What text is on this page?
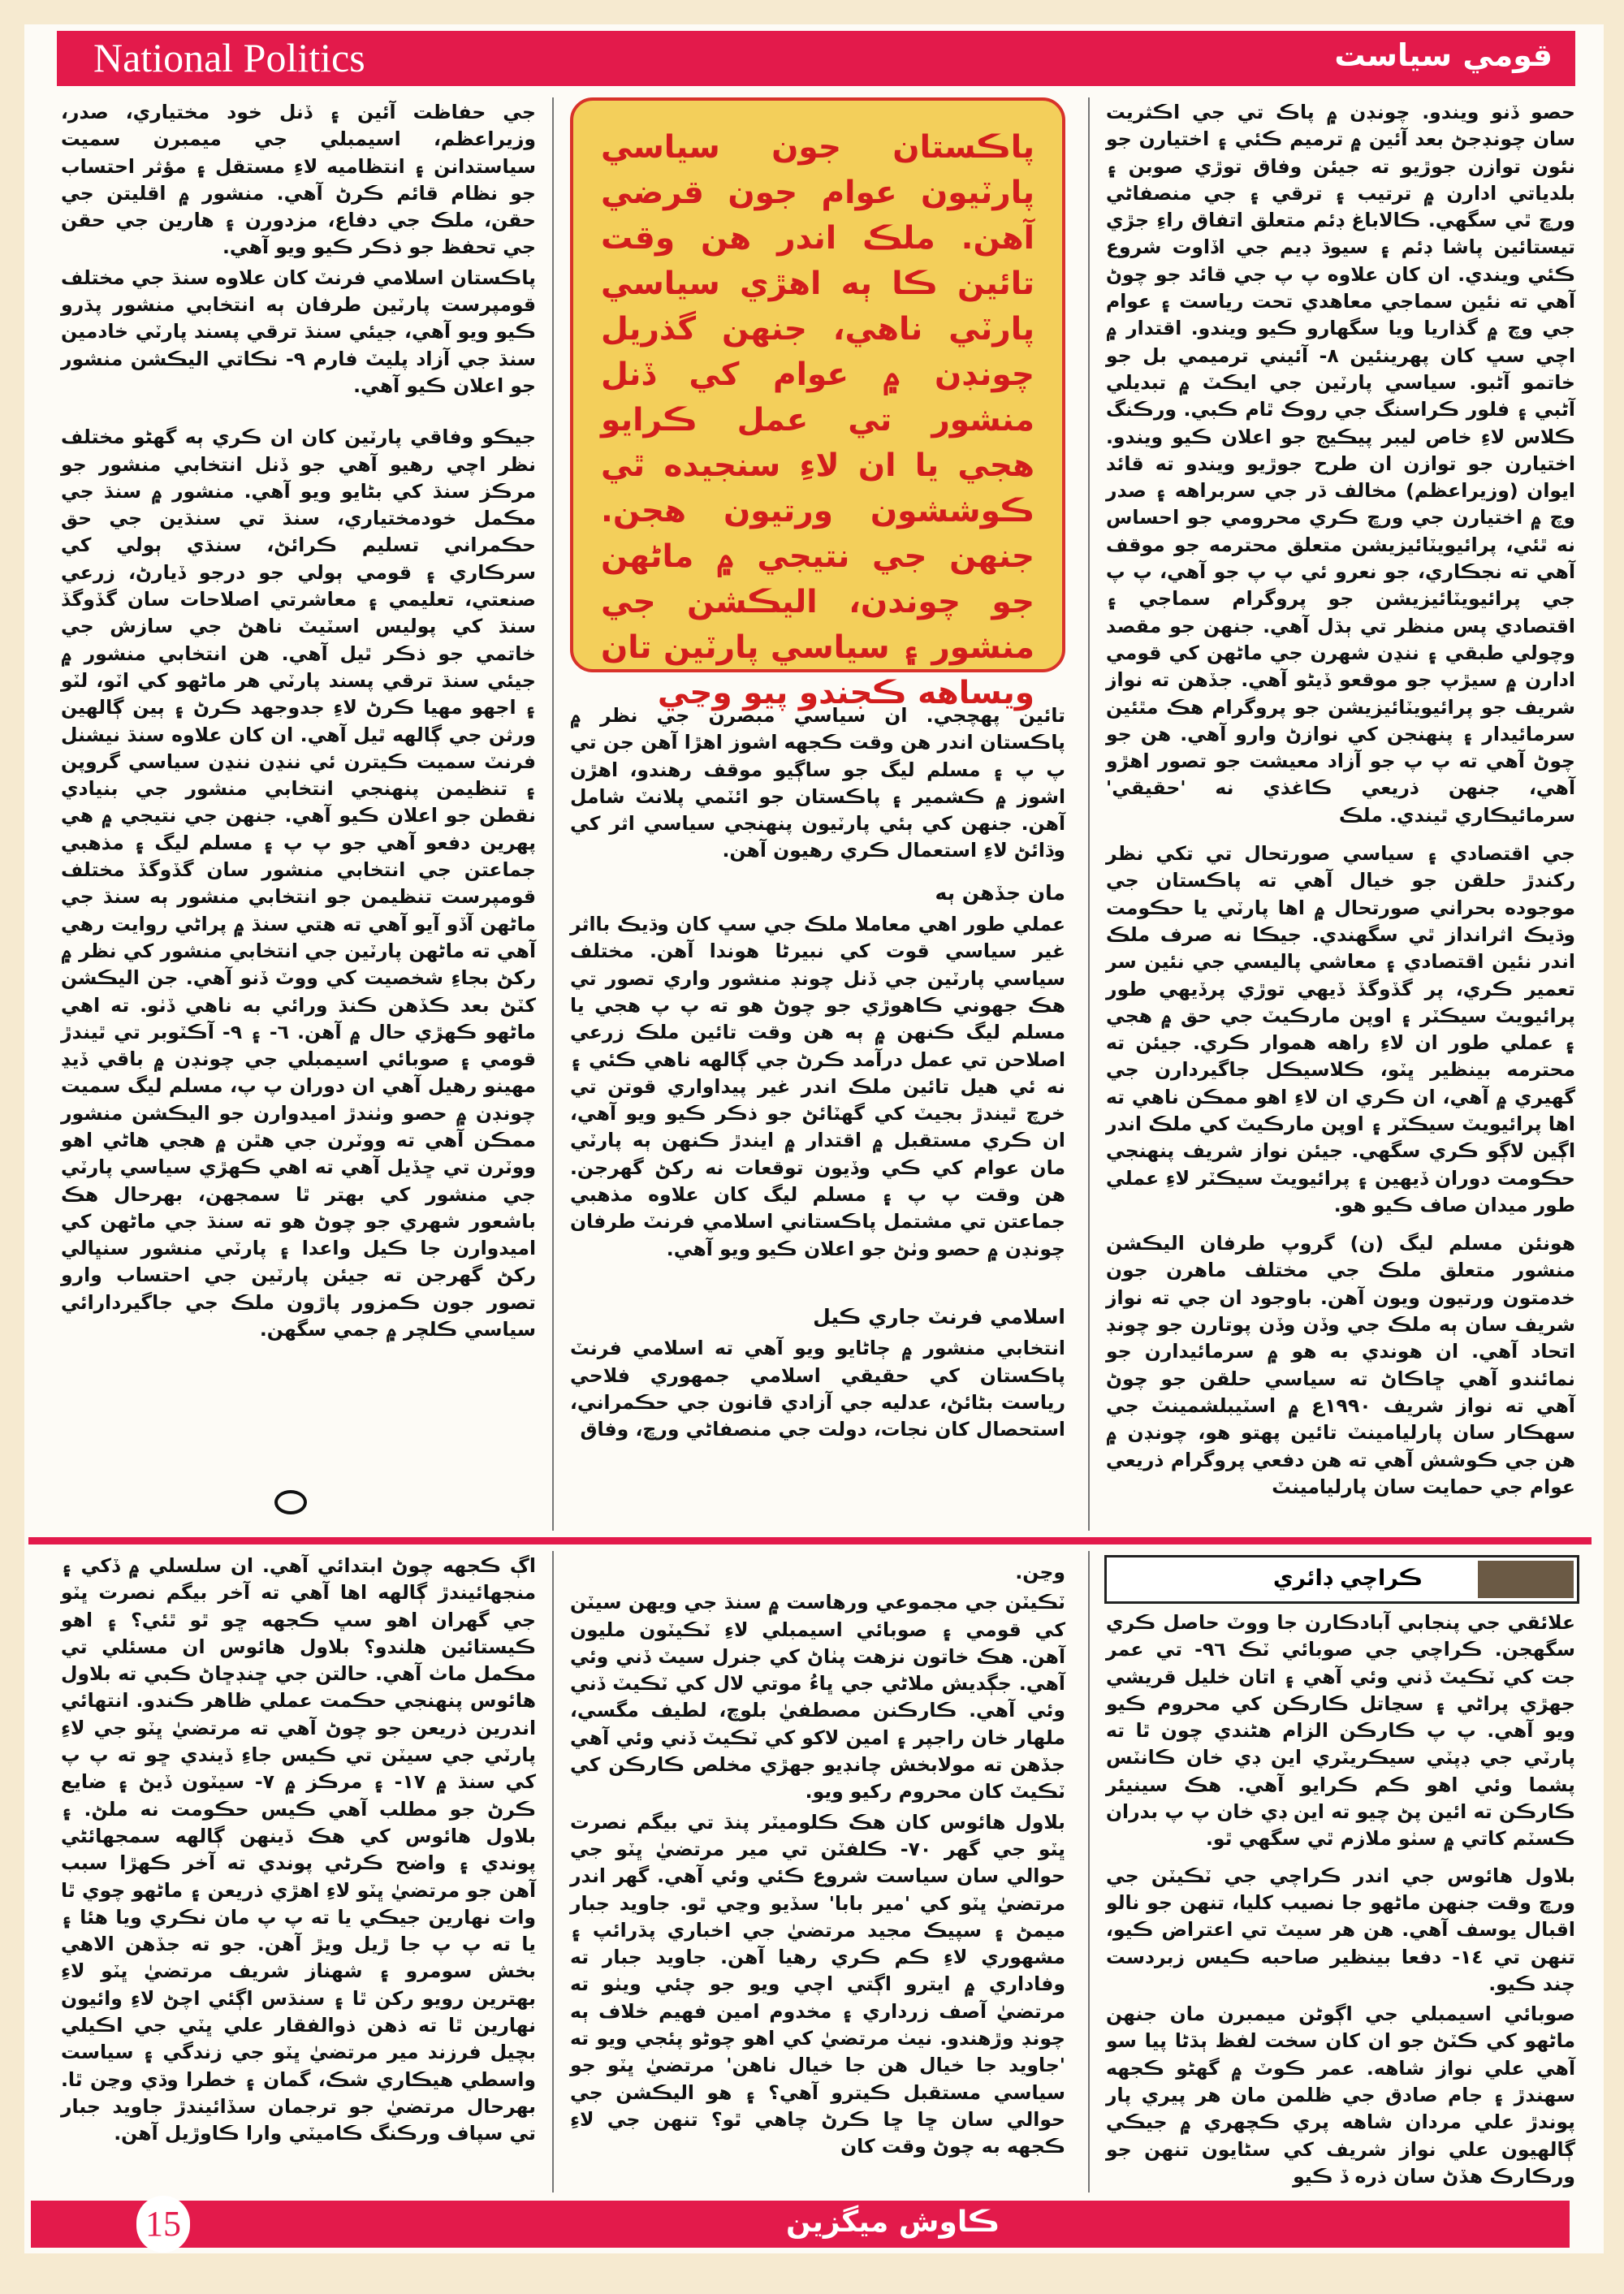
National Politics	قومي سياست

حصو ڏنو ويندو. چونڊن ۾ پاڪ تي جي اڪثريت سان چونڊجڻ بعد آئين ۾ ترميم ڪئي ۽ اختيارن جو نئون توازن جوڙيو ته جيئن وفاق توڙي صوبن ۽ بلدياتي ادارن ۾ ترتيب ۽ ترقي ۽ جي منصفاڻي ورڇ ٿي سگهي. ڪالاباغ ڊئم متعلق اتفاق راءِ جڙي تيستائين پاشا ڊئم ۽ سيوڌ ڊيم جي اڏاوت شروع ڪئي ويندي. ان کان علاوه پ پ جي قائد جو چوڻ آهي ته نئين سماجي معاهدي تحت رياست ۽ عوام جي وچ ۾ گذاريا ويا سگهارو ڪيو ويندو. اقتدار ۾ اچي سڀ کان پهرينئين ٨- آئيني ترميمي بل جو خاتمو آڻبو. سياسي پارٽين جي ايڪٽ ۾ تبديلي آڻبي ۽ فلور ڪراسنگ جي روڪ ٿام ڪبي. ورڪنگ ڪلاس لاءِ خاص ليبر پيڪيج جو اعلان ڪيو ويندو. اختيارن جو توازن ان طرح جوڙيو ويندو ته قائد ايوان (وزيراعظم) مخالف ڌر جي سربراهه ۽ صدر وچ ۾ اختيارن جي ورڇ ڪري محرومي جو احساس نه ٿئي، پرائيويٽائيزيشن متعلق محترمه جو موقف آهي ته نجڪاري، جو نعرو ئي پ پ جو آهي، پ پ جي پرائيويٽائيزيشن جو پروگرام سماجي ۽ اقتصادي پس منظر تي ٻڌل آهي. جنهن جو مقصد وچولي طبقي ۽ ننڍن شهرن جي ماڻهن کي قومي ادارن ۾ سيڙپ جو موقعو ڏيڻو آهي. جڏهن ته نواز شريف جو پرائيويٽائيزيشن جو پروگرام هڪ مٿئين سرمائيدار ۽ پنهنجن کي نوازڻ وارو آهي. هن جو چوڻ آهي ته پ پ جو آزاد معيشت جو تصور اهڙو آهي، جنهن ذريعي ڪاغذي نه 'حقيقي' سرمائيڪاري ٿيندي. ملڪ

جي اقتصادي ۽ سياسي صورتحال تي تکي نظر رکندڙ حلقن جو خيال آهي ته پاڪستان جي موجوده بحراني صورتحال ۾ اها پارٽي يا حڪومت وڌيڪ اثرانداز ٿي سگهندي. جيڪا نه صرف ملڪ اندر نئين اقتصادي ۽ معاشي پاليسي جي نئين سر تعمير ڪري، پر گڏوگڏ ڏيهي توڙي پرڏيهي طور پرائيويٽ سيڪٽر ۽ اوپن مارڪيٽ جي حق ۾ هجي ۽ عملي طور ان لاءِ راهه هموار ڪري. جيئن ته محترمه بينظير ڀٽو، ڪلاسيڪل جاگيردارن جي گهيري ۾ آهي، ان ڪري ان لاءِ اهو ممڪن ناهي ته اها پرائيويٽ سيڪٽر ۽ اوپن مارڪيٽ کي ملڪ اندر اڳين لاڳو ڪري سگهي. جيئن نواز شريف پنهنجي حڪومت دوران ڏيهين ۽ پرائيويٽ سيڪٽر لاءِ عملي طور ميدان صاف ڪيو هو.

هونئن مسلم ليگ (ن) گروپ طرفان اليڪشن منشور متعلق ملڪ جي مختلف ماهرن جون خدمتون ورتيون ويون آهن. باوجود ان جي ته نواز شريف سان ٻه ملڪ جي وڏن وڏن پوتارن جو چونڊ اتحاد آهي. ان هوندي به هو ۾ سرمائيدارن جو نمائندو آهي ڇاڪاڻ ته سياسي حلقن جو چوڻ آهي ته نواز شريف ١٩٩٠ع ۾ اسٽيبلشمينٽ جي سهڪار سان پارليامينٽ تائين پهتو هو، چونڊن ۾ هن جي ڪوشش آهي ته هن دفعي پروگرام ذريعي عوام جي حمايت سان پارليامينٽ

پاڪستان جون سياسي پارٽيون عوام جون قرضي آهن. ملڪ اندر هن وقت تائين ڪا ٻه اهڙي سياسي پارٽي ناهي، جنهن گذريل چونڊن ۾ عوام کي ڏنل منشور تي عمل ڪرايو هجي يا ان لاءِ سنجيده ٿي ڪوششون ورتيون هجن. جنهن جي نتيجي ۾ ماڻهن جو چوندن، اليڪشن جي منشور ۽ سياسي پارٽين تان ويساهه ڪجندو پيو وڃي

تائين پهچجي. ان سياسي مبصرن جي نظر ۾ پاڪستان اندر هن وقت ڪجهه اشوز اهڙا آهن جن تي پ پ ۽ مسلم ليگ جو ساڳيو موقف رهندو، اهڙن اشوز ۾ ڪشمير ۽ پاڪستان جو ائٽمي پلانٽ شامل آهن. جنهن کي ٻئي پارٽيون پنهنجي سياسي اثر کي وڌائڻ لاءِ استعمال ڪري رهيون آهن.

مان جڏهن ٻه

عملي طور اهي معاملا ملڪ جي سڀ کان وڌيڪ بااثر غير سياسي قوت کي نبيرڻا هوندا آهن. مختلف سياسي پارٽين جي ڏنل چونڊ منشور واري تصور تي هڪ جهوني ڪاهوڙي جو چوڻ هو ته پ پ هجي يا مسلم ليگ ڪنهن ۾ ٻه هن وقت تائين ملڪ زرعي اصلاحن تي عمل درآمد ڪرڻ جي ڳالهه ناهي ڪئي ۽ نه ئي هيل تائين ملڪ اندر غير پيداواري قوتن تي خرچ ٿيندڙ بجيٽ کي گهٽائڻ جو ذڪر ڪيو ويو آهي، ان ڪري مستقبل ۾ اقتدار ۾ ايندڙ ڪنهن ٻه پارٽي مان عوام کي ڪي وڏيون توقعات نه رکڻ گهرجن. هن وقت پ پ ۽ مسلم ليگ کان علاوه مذهبي جماعتن تي مشتمل پاڪستاني اسلامي فرنٽ طرفان چونڊن ۾ حصو وٺڻ جو اعلان ڪيو ويو آهي.

اسلامي فرنٽ جاري ڪيل

انتخابي منشور ۾ ڄاڻايو ويو آهي ته اسلامي فرنٽ پاڪستان کي حقيقي اسلامي جمهوري فلاحي رياست بڻائڻ، عدليه جي آزادي قانون جي حڪمراني، استحصال کان نجات، دولت جي منصفاڻي ورڇ، وفاق

جي حفاظت آئين ۽ ڏنل خود مختياري، صدر، وزيراعظم، اسيمبلي جي ميمبرن سميت سياستدانن ۽ انتظاميه لاءِ مستقل ۽ مؤثر احتساب جو نظام قائم ڪرڻ آهي. منشور ۾ اقليتن جي حقن، ملڪ جي دفاع، مزدورن ۽ هارين جي حقن جي تحفظ جو ذڪر ڪيو ويو آهي.

پاڪستان اسلامي فرنٽ کان علاوه سنڌ جي مختلف قومپرست پارٽين طرفان ٻه انتخابي منشور پڌرو ڪيو ويو آهي، جيئي سنڌ ترقي پسند پارٽي خادمين سنڌ جي آزاد پليٽ فارم ٩- نڪاتي اليڪشن منشور جو اعلان ڪيو آهي.

جيڪو وفاقي پارٽين کان ان ڪري ٻه گهڻو مختلف نظر اچي رهيو آهي جو ڏنل انتخابي منشور جو مرڪز سنڌ کي بڻايو ويو آهي. منشور ۾ سنڌ جي مڪمل خودمختياري، سنڌ تي سنڌين جي حق حڪمراني تسليم ڪرائڻ، سنڌي ٻولي کي سرڪاري ۽ قومي ٻولي جو درجو ڏيارڻ، زرعي صنعتي، تعليمي ۽ معاشرتي اصلاحات سان گڏوگڏ سنڌ کي پوليس اسٽيٽ ناهڻ جي سازش جي خاتمي جو ذڪر ٿيل آهي. هن انتخابي منشور ۾ جيئي سنڌ ترقي پسند پارٽي هر ماڻهو کي اٽو، لٽو ۽ اجهو مهيا ڪرڻ لاءِ جدوجهد ڪرڻ ۽ ٻين ڳالهين ورثن جي ڳالهه ٿيل آهي. ان کان علاوه سنڌ نيشنل فرنٽ سميت ڪيترن ئي ننڍن ننڍن سياسي گروپن ۽ تنظيمن پنهنجي انتخابي منشور جي بنيادي نقطن جو اعلان ڪيو آهي. جنهن جي نتيجي ۾ هي پهرين دفعو آهي جو پ پ ۽ مسلم ليگ ۽ مذهبي جماعتن جي انتخابي منشور سان گڏوگڏ مختلف قومپرست تنظيمن جو انتخابي منشور ٻه سنڌ جي ماڻهن آڏو آيو آهي ته هتي سنڌ ۾ پراڻي روايت رهي آهي ته ماڻهن پارٽين جي انتخابي منشور کي نظر ۾ رکڻ بجاءِ شخصيت کي ووٽ ڏنو آهي. جن اليڪشن کٽڻ بعد ڪڏهن ڪنڌ ورائي به ناهي ڏٺو. ته اهي ماڻهو ڪهڙي حال ۾ آهن. ٦- ۽ ٩- آڪٽوبر تي ٿيندڙ قومي ۽ صوبائي اسيمبلي جي چونڊن ۾ باقي ڏيڍ مهينو رهيل آهي ان دوران پ پ، مسلم ليگ سميت چونڊن ۾ حصو وٺندڙ اميدوارن جو اليڪشن منشور ممڪن آهي ته ووٽرن جي هٿن ۾ هجي هاڻي اهو ووٽرن تي ڇڏيل آهي ته اهي ڪهڙي سياسي پارٽي جي منشور کي بهتر ٿا سمجهن، بهرحال هڪ باشعور شهري جو چوڻ هو ته سنڌ جي ماڻهن کي اميدوارن جا ڪيل واعدا ۽ پارٽي منشور سنڀالي رکڻ گهرجن ته جيئن پارٽين جي احتساب وارو تصور جون ڪمزور پاڙون ملڪ جي جاگيردارائي سياسي ڪلچر ۾ جمي سگهن.

ڪراچي ڊائري

علائقي جي پنجابي آبادڪارن جا ووٽ حاصل ڪري سگهجن. ڪراچي جي صوبائي ٽڪ ٩٦- تي عمر جت کي ٽڪيٽ ڏني وئي آهي ۽ اتان خليل قريشي جهڙي پراڻي ۽ سڃاتل ڪارڪن کي محروم ڪيو ويو آهي. پ پ ڪارڪن الزام هڻندي چون ٿا ته پارٽي جي ڊپٽي سيڪريٽري اين ڊي خان ڪانٽس پشما وئي اهو ڪم ڪرايو آهي. هڪ سينيئر ڪارڪن ته ائين پڻ چيو ته اين ڊي خان پ پ بدران ڪسٽم کاتي ۾ سٺو ملازم ٿي سگهي ٿو.

بلاول هائوس جي اندر ڪراچي جي ٽڪيٽن جي ورڇ وقت جنهن ماڻهو جا نصيب کليا، تنهن جو نالو اقبال يوسف آهي. هن هر سيٽ تي اعتراض ڪيو، تنهن تي ١٤- دفعا بينظير صاحبه ڪيس زبردست چند ڪيو.

صوبائي اسيمبلي جي اڳوڻن ميمبرن مان جنهن ماڻهو کي ڪٽڻ جو ان کان سخت لفظ ٻڌڻا پيا سو آهي علي نواز شاهه. عمر ڪوٽ ۾ گهڻو ڪجهه سهندڙ ۽ جام صادق جي ظلمن مان هر پيري پار پوندڙ علي مردان شاهه پري ڪچهري ۾ جيڪي ڳالهيون علي نواز شريف کي سڻايون تنهن جو ورڪارڪ هڏڻ سان ذره ڏ ڪيو

وڃن.

ٽڪيٽن جي مجموعي ورهاست ۾ سنڌ جي ويهن سيٽن کي قومي ۽ صوبائي اسيمبلي لاءِ ٽڪيٽون مليون آهن. هڪ خاتون نزهت پٺاڻ کي جنرل سيٽ ڏني وئي آهي. جڳديش ملاڻي جي ڀاءُ موتي لال کي ٽڪيٽ ڏني وئي آهي. ڪارڪنن مصطفيٰ بلوچ، لطيف مگسي، ملهار خان راجپر ۽ امين لاکو کي ٽڪيٽ ڏني وئي آهي جڏهن ته مولابخش چانڊيو جهڙي مخلص ڪارڪن کي ٽڪيٽ کان محروم رکيو ويو.

بلاول هائوس کان هڪ ڪلوميٽر پنڌ تي بيگم نصرت ڀٽو جي گهر ٧٠- ڪلفٽن تي مير مرتضيٰ ڀٽو جي حوالي سان سياست شروع ڪئي وئي آهي. گهر اندر مرتضيٰ ڀٽو کي 'مير بابا' سڏيو وڃي ٿو. جاويد جبار ميمڻ ۽ سپيڪ مجيد مرتضيٰ جي اخباري پڌرائپ ۽ مشهوري لاءِ ڪم ڪري رهيا آهن. جاويد جبار ته وفاداري ۾ ايترو اڳتي اچي ويو جو چئي ويٺو ته مرتضيٰ آصف زرداري ۽ مخدوم امين فهيم خلاف ٻه چونڊ وڙهندو. نيٺ مرتضيٰ کي اهو چوڻو پئجي ويو ته 'جاويد جا خيال هن جا خيال ناهن' مرتضيٰ ڀٽو جو سياسي مستقبل ڪيترو آهي؟ ۽ هو اليڪشن جي حوالي سان ڇا ڇا ڪرڻ چاهي ٿو؟ تنهن جي لاءِ ڪجهه به چوڻ وقت کان

اڳ ڪجهه چوڻ ابتدائي آهي. ان سلسلي ۾ ڏکي ۽ منجهائيندڙ ڳالهه اها آهي ته آخر بيگم نصرت ڀٽو جي گهران اهو سڀ ڪجهه ڇو ٿو ٿئي؟ ۽ اهو ڪيستائين هلندو؟ بلاول هائوس ان مسئلي تي مڪمل ماٺ آهي. حالتن جي ڇنڊڇاڻ ڪبي ته بلاول هائوس پنهنجي حڪمت عملي ظاهر ڪندو. انتهائي اندرين ذريعن جو چوڻ آهي ته مرتضيٰ ڀٽو جي لاءِ پارٽي جي سيٽن تي ڪيس جاءِ ڏيندي ڇو ته پ پ کي سنڌ ۾ ١٧- ۽ مرڪز ۾ ٧- سيٽون ڏيڻ ۽ ضايع ڪرڻ جو مطلب آهي ڪيس حڪومت نه ملڻ. ۽ بلاول هائوس کي هڪ ڏينهن ڳالهه سمجهائڻي پوندي ۽ واضح ڪرڻي پوندي ته آخر ڪهڙا سبب آهن جو مرتضيٰ ڀٽو لاءِ اهڙي ذريعن ۽ ماڻهو چوي ٿا وات نهارين جيڪي يا ته پ پ مان نڪري ويا هئا ۽ يا ته پ پ جا ڙيل ويڙ آهن. جو ته جڏهن الاهي بخش سومرو ۽ شهناز شريف مرتضيٰ ڀٽو لاءِ بهترين رويو رکن ٿا ۽ سنڌس اڳئي اچڻ لاءِ وائيون نهارين ٿا ته ذهن ذوالفقار علي ڀٽي جي اڪيلي بچيل فرزند مير مرتضيٰ ڀٽو جي زندگي ۽ سياست واسطي هيڪاري شڪ، گمان ۽ خطرا وڌي وڃن ٿا. بهرحال مرتضيٰ جو ترجمان سڏائيندڙ جاويد جبار تي سپاف ورڪنگ ڪاميٽي وارا ڪاوڙيل آهن.

15	ڪاوش ميگزين
